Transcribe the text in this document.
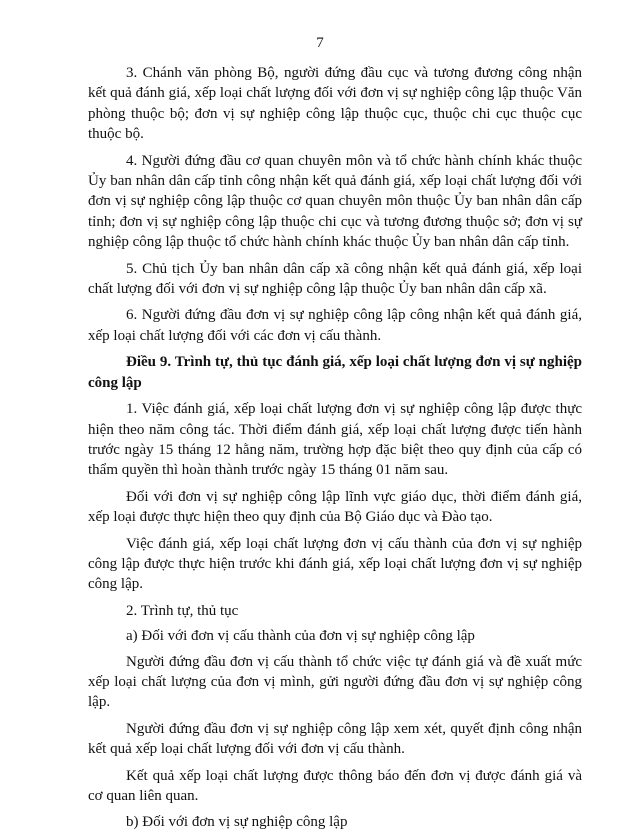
7

3. Chánh văn phòng Bộ, người đứng đầu cục và tương đương công nhận kết quả đánh giá, xếp loại chất lượng đối với đơn vị sự nghiệp công lập thuộc Văn phòng thuộc bộ; đơn vị sự nghiệp công lập thuộc cục, thuộc chi cục thuộc cục thuộc bộ.

4. Người đứng đầu cơ quan chuyên môn và tổ chức hành chính khác thuộc Ủy ban nhân dân cấp tỉnh công nhận kết quả đánh giá, xếp loại chất lượng đối với đơn vị sự nghiệp công lập thuộc cơ quan chuyên môn thuộc Ủy ban nhân dân cấp tỉnh; đơn vị sự nghiệp công lập thuộc chi cục và tương đương thuộc sở; đơn vị sự nghiệp công lập thuộc tổ chức hành chính khác thuộc Ủy ban nhân dân cấp tỉnh.

5. Chủ tịch Ủy ban nhân dân cấp xã công nhận kết quả đánh giá, xếp loại chất lượng đối với đơn vị sự nghiệp công lập thuộc Ủy ban nhân dân cấp xã.

6. Người đứng đầu đơn vị sự nghiệp công lập công nhận kết quả đánh giá, xếp loại chất lượng đối với các đơn vị cấu thành.

Điều 9. Trình tự, thủ tục đánh giá, xếp loại chất lượng đơn vị sự nghiệp công lập

1. Việc đánh giá, xếp loại chất lượng đơn vị sự nghiệp công lập được thực hiện theo năm công tác. Thời điểm đánh giá, xếp loại chất lượng được tiến hành trước ngày 15 tháng 12 hằng năm, trường hợp đặc biệt theo quy định của cấp có thẩm quyền thì hoàn thành trước ngày 15 tháng 01 năm sau.

Đối với đơn vị sự nghiệp công lập lĩnh vực giáo dục, thời điểm đánh giá, xếp loại được thực hiện theo quy định của Bộ Giáo dục và Đào tạo.

Việc đánh giá, xếp loại chất lượng đơn vị cấu thành của đơn vị sự nghiệp công lập được thực hiện trước khi đánh giá, xếp loại chất lượng đơn vị sự nghiệp công lập.

2. Trình tự, thủ tục

a) Đối với đơn vị cấu thành của đơn vị sự nghiệp công lập

Người đứng đầu đơn vị cấu thành tổ chức việc tự đánh giá và đề xuất mức xếp loại chất lượng của đơn vị mình, gửi người đứng đầu đơn vị sự nghiệp công lập.

Người đứng đầu đơn vị sự nghiệp công lập xem xét, quyết định công nhận kết quả xếp loại chất lượng đối với đơn vị cấu thành.

Kết quả xếp loại chất lượng được thông báo đến đơn vị được đánh giá và cơ quan liên quan.

b) Đối với đơn vị sự nghiệp công lập
